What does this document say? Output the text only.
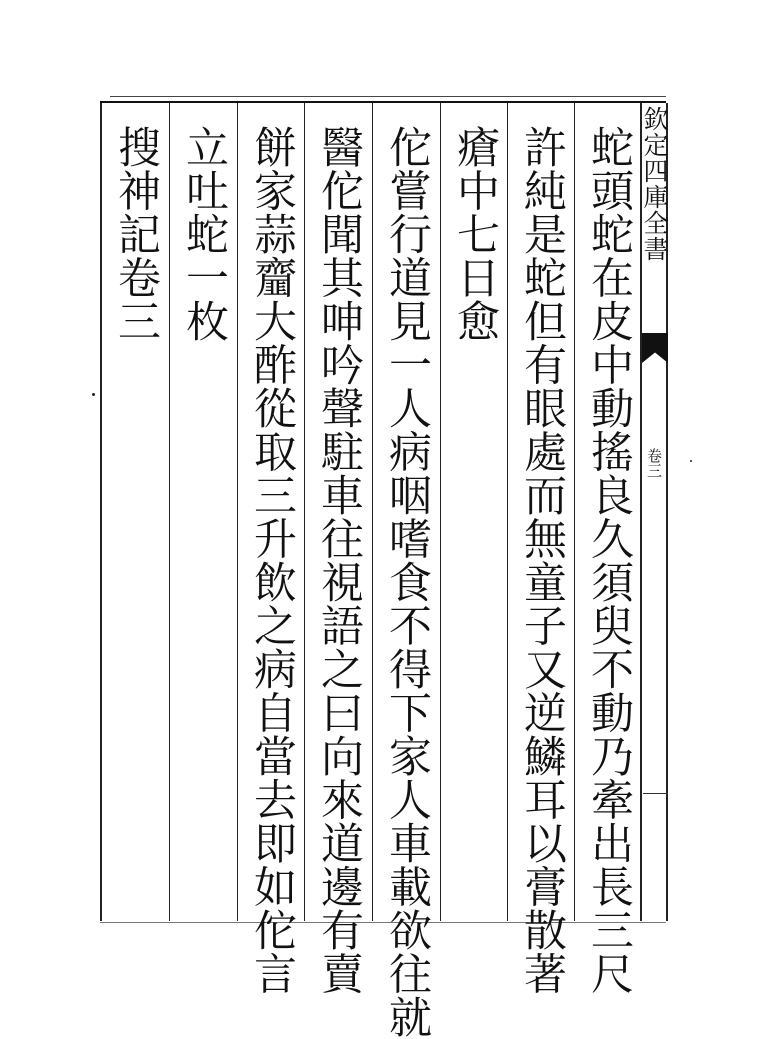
欽定四庫全書
卷三
蛇頭蛇在皮中動搖良久須臾不動乃牽出長三尺
許純是蛇但有眼處而無童子又逆鱗耳以膏散著
瘡中七日愈
佗嘗行道見一人病咽嗜食不得下家人車載欲往就
醫佗聞其呻吟聲駐車往視語之曰向來道邊有賣
餅家蒜齏大酢從取三升飲之病自當去即如佗言
立吐蛇一枚
搜神記卷三
